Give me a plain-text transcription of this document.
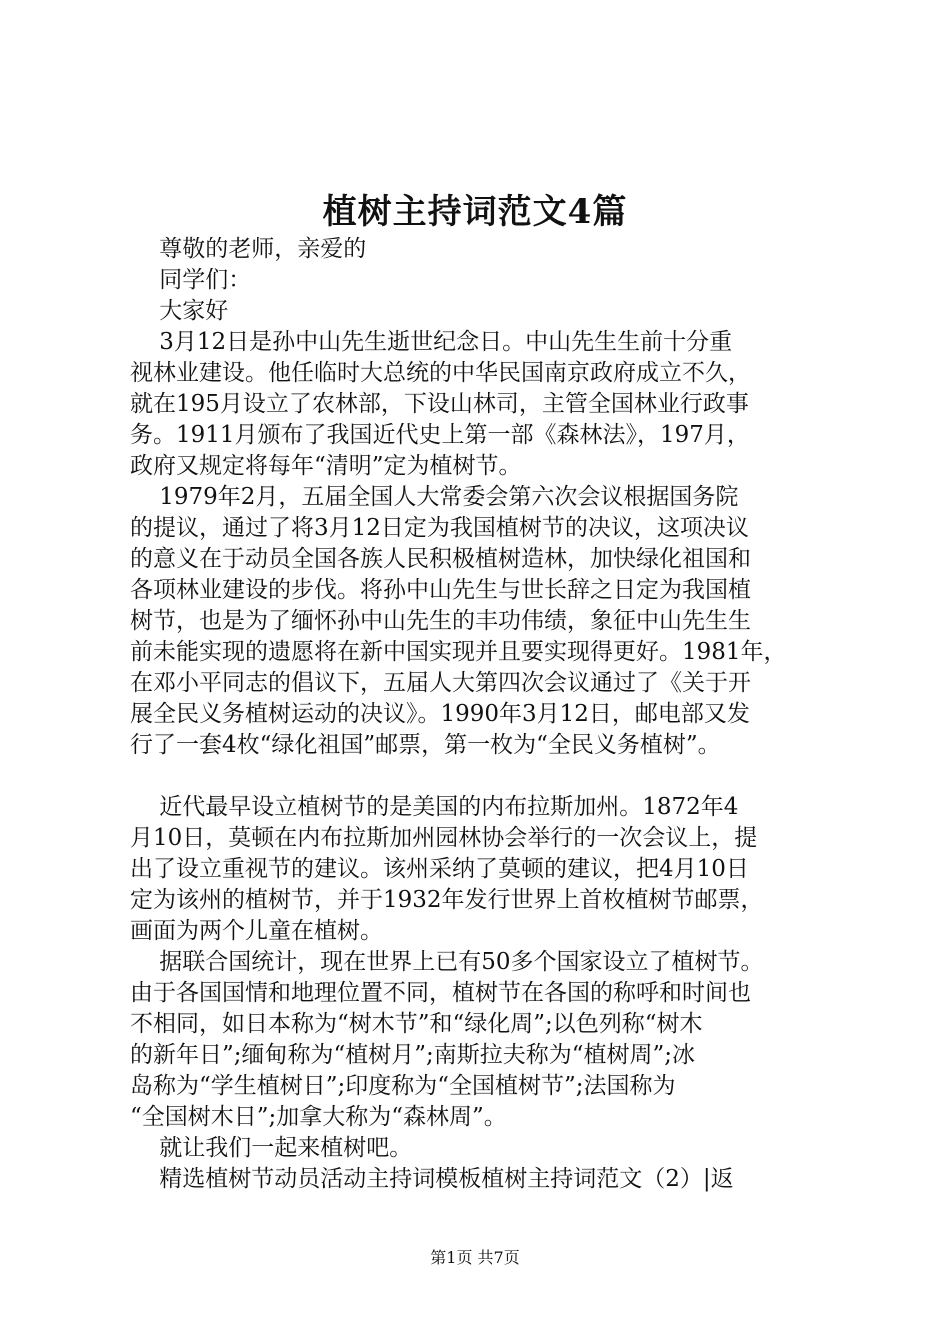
植树主持词范文4篇
尊敬的老师，亲爱的
同学们：
大家好
3月12日是孙中山先生逝世纪念日。中山先生生前十分重
视林业建设。他任临时大总统的中华民国南京政府成立不久，
就在195月设立了农林部，下设山林司，主管全国林业行政事
务。1911月颁布了我国近代史上第一部《森林法》，197月，
政府又规定将每年“清明”定为植树节。
1979年2月，五届全国人大常委会第六次会议根据国务院
的提议，通过了将3月12日定为我国植树节的决议，这项决议
的意义在于动员全国各族人民积极植树造林，加快绿化祖国和
各项林业建设的步伐。将孙中山先生与世长辞之日定为我国植
树节，也是为了缅怀孙中山先生的丰功伟绩，象征中山先生生
前未能实现的遗愿将在新中国实现并且要实现得更好。1981年，
在邓小平同志的倡议下，五届人大第四次会议通过了《关于开
展全民义务植树运动的决议》。1990年3月12日，邮电部又发
行了一套4枚“绿化祖国”邮票，第一枚为“全民义务植树”。
近代最早设立植树节的是美国的内布拉斯加州。1872年4
月10日，莫顿在内布拉斯加州园林协会举行的一次会议上，提
出了设立重视节的建议。该州采纳了莫顿的建议，把4月10日
定为该州的植树节，并于1932年发行世界上首枚植树节邮票，
画面为两个儿童在植树。
据联合国统计，现在世界上已有50多个国家设立了植树节。
由于各国国情和地理位置不同，植树节在各国的称呼和时间也
不相同，如日本称为“树木节”和“绿化周”;以色列称“树木
的新年日”;缅甸称为“植树月”;南斯拉夫称为“植树周”;冰
岛称为“学生植树日”;印度称为“全国植树节”;法国称为
“全国树木日”;加拿大称为“森林周”。
就让我们一起来植树吧。
精选植树节动员活动主持词模板植树主持词范文（2）|返
第1页 共7页
